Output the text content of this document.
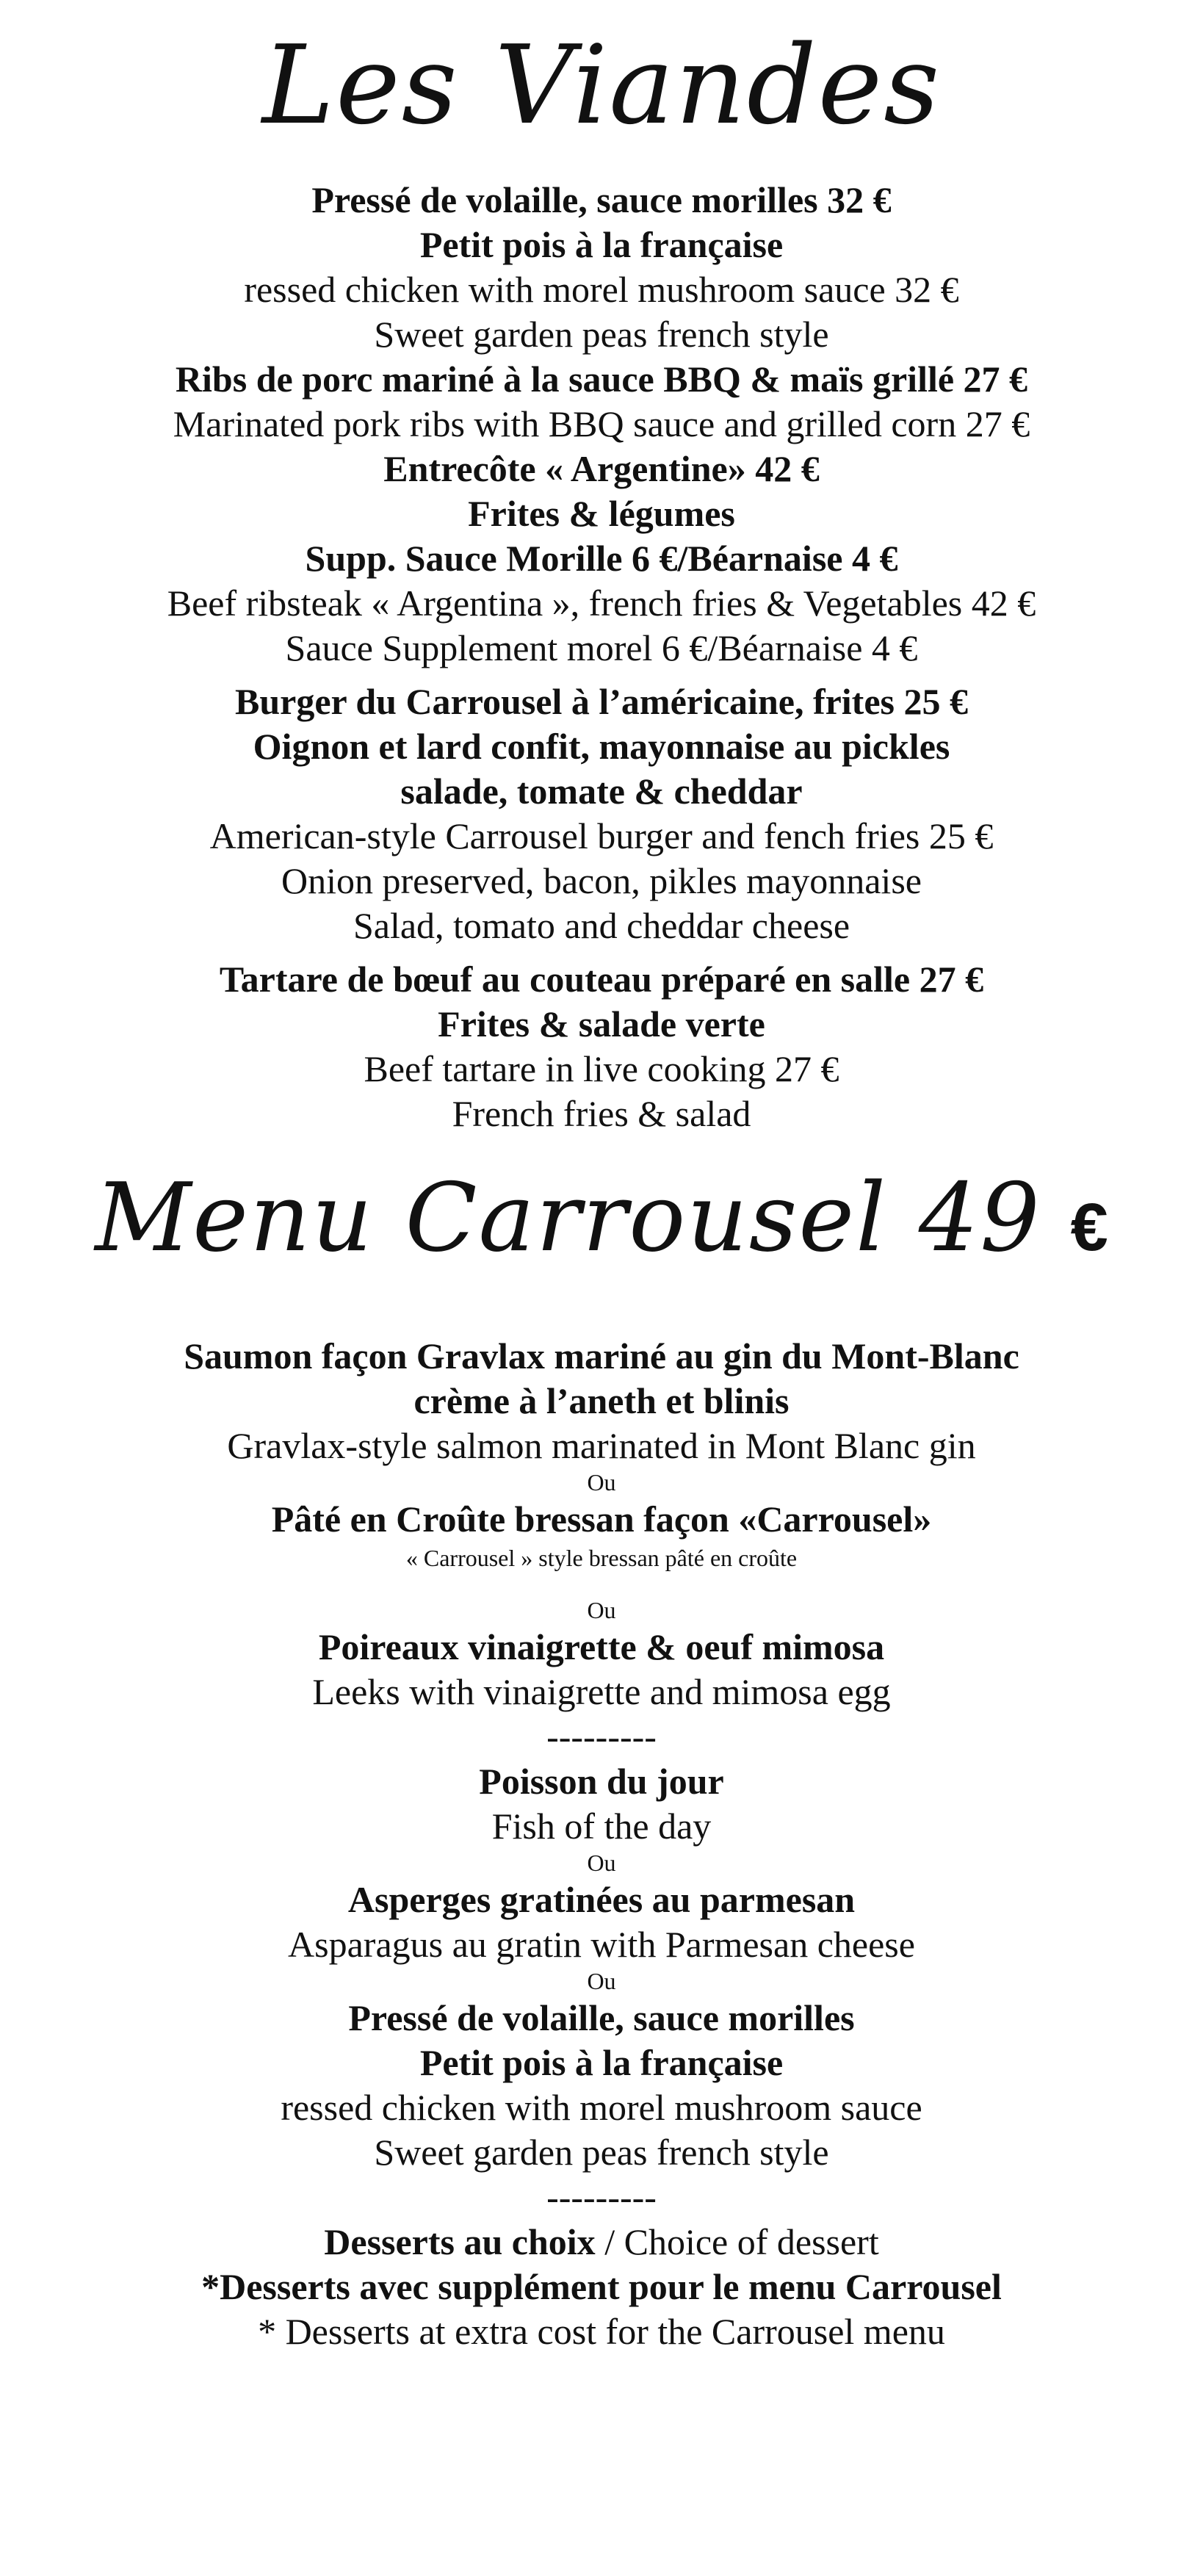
Les Viandes
Pressé de volaille, sauce morilles 32 €
Petit pois à la française
ressed chicken with morel mushroom sauce 32 €
Sweet garden peas french style
Ribs de porc mariné à la sauce BBQ & maïs grillé 27 €
Marinated pork ribs with BBQ sauce and grilled corn 27 €
Entrecôte « Argentine» 42 €
Frites & légumes
Supp. Sauce Morille 6 €/Béarnaise 4 €
Beef ribsteak « Argentina », french fries & Vegetables 42 €
Sauce Supplement morel 6 €/Béarnaise 4 €
Burger du Carrousel à l’américaine, frites 25 €
Oignon et lard confit, mayonnaise au pickles
salade, tomate & cheddar
American-style Carrousel burger and fench fries 25 €
Onion preserved, bacon, pikles mayonnaise
Salad, tomato and cheddar cheese
Tartare de bœuf au couteau préparé en salle 27 €
Frites & salade verte
Beef tartare in live cooking 27 €
French fries & salad
Menu Carrousel 49 €
Saumon façon Gravlax mariné au gin du Mont-Blanc
crème à l’aneth et blinis
Gravlax-style salmon marinated in Mont Blanc gin
Ou
Pâté en Croûte bressan façon «Carrousel»
« Carrousel » style bressan pâté en croûte
Ou
Poireaux vinaigrette & oeuf mimosa
Leeks with vinaigrette and mimosa egg
---------
Poisson du jour
Fish of the day
Ou
Asperges gratinées au parmesan
Asparagus au gratin with Parmesan cheese
Ou
Pressé de volaille, sauce morilles
Petit pois à la française
ressed chicken with morel mushroom sauce
Sweet garden peas french style
---------
Desserts au choix / Choice of dessert
*Desserts avec supplément pour le menu Carrousel
* Desserts at extra cost for the Carrousel menu
